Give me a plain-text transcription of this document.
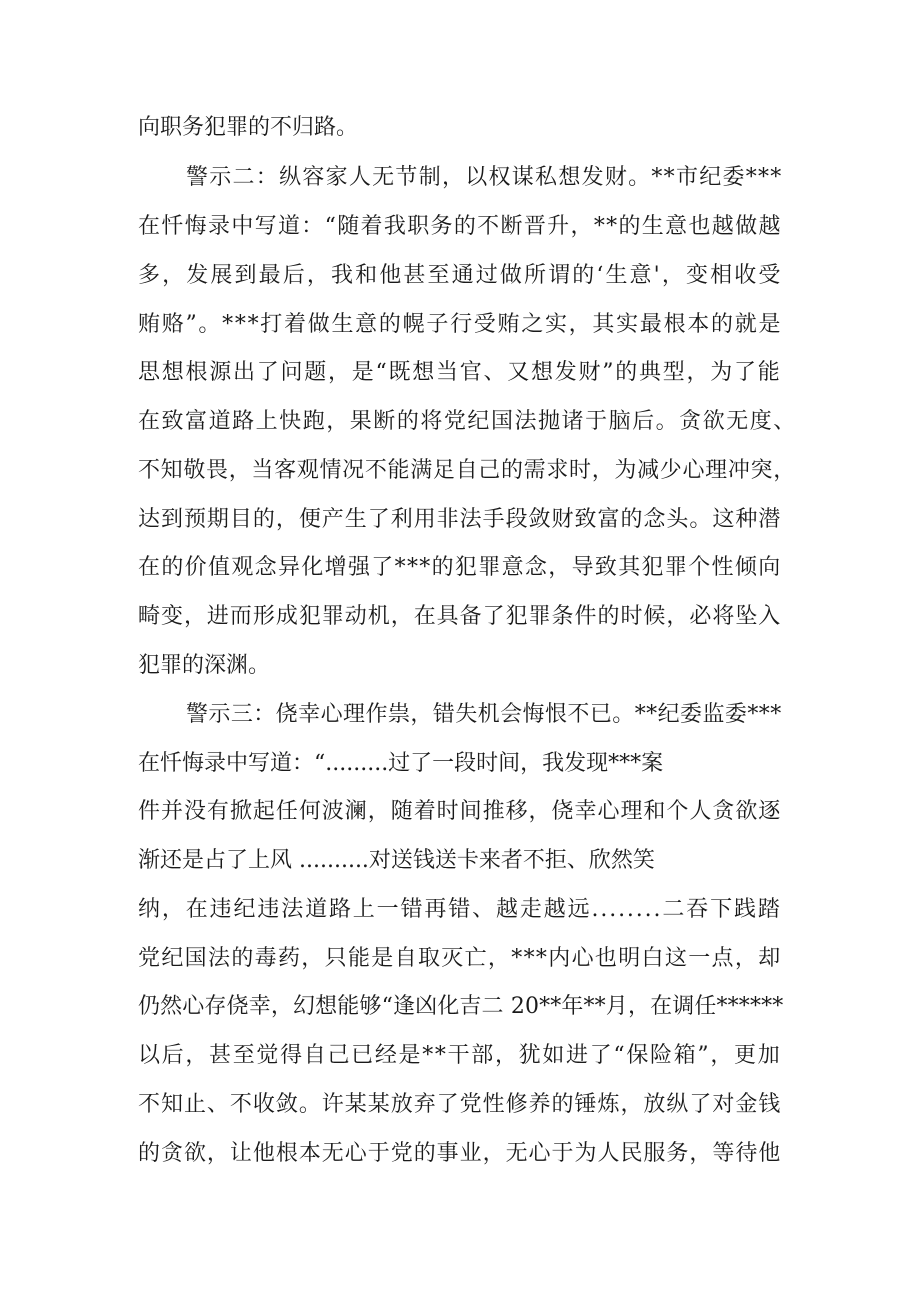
向职务犯罪的不归路。
警示二：纵容家人无节制，以权谋私想发财。**市纪委***
在忏悔录中写道：“随着我职务的不断晋升，**的生意也越做越
多，发展到最后，我和他甚至通过做所谓的‘生意'，变相收受
贿赂”。***打着做生意的幌子行受贿之实，其实最根本的就是
思想根源出了问题，是“既想当官、又想发财”的典型，为了能
在致富道路上快跑，果断的将党纪国法抛诸于脑后。贪欲无度、
不知敬畏，当客观情况不能满足自己的需求时，为减少心理冲突，
达到预期目的，便产生了利用非法手段敛财致富的念头。这种潜
在的价值观念异化增强了***的犯罪意念，导致其犯罪个性倾向
畸变，进而形成犯罪动机，在具备了犯罪条件的时候，必将坠入
犯罪的深渊。
警示三：侥幸心理作祟，错失机会悔恨不已。**纪委监委***
在忏悔录中写道：“.........过了一段时间，我发现***案
件并没有掀起任何波澜，随着时间推移，侥幸心理和个人贪欲逐
渐还是占了上风 ..........对送钱送卡来者不拒、欣然笑
纳，在违纪违法道路上一错再错、越走越远........二吞下践踏
党纪国法的毒药，只能是自取灭亡，***内心也明白这一点，却
仍然心存侥幸，幻想能够“逢凶化吉二 20**年**月，在调任******
以后，甚至觉得自己已经是**干部，犹如进了“保险箱”，更加
不知止、不收敛。许某某放弃了党性修养的锤炼，放纵了对金钱
的贪欲，让他根本无心于党的事业，无心于为人民服务，等待他
